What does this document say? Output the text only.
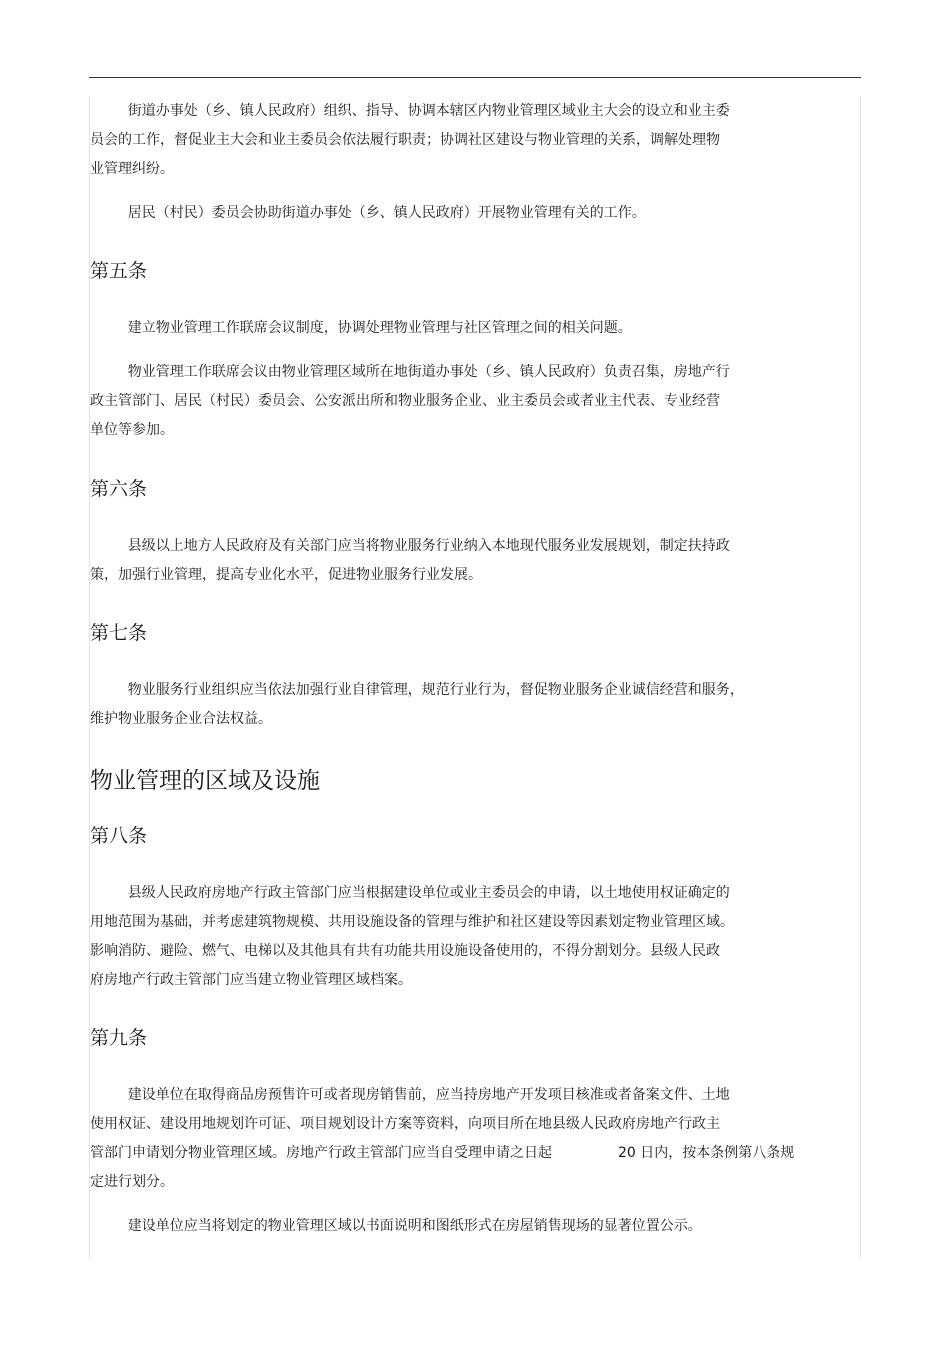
街道办事处（乡、镇人民政府）组织、指导、协调本辖区内物业管理区域业主大会的设立和业主委
员会的工作，督促业主大会和业主委员会依法履行职责；协调社区建设与物业管理的关系，调解处理物
业管理纠纷。

居民（村民）委员会协助街道办事处（乡、镇人民政府）开展物业管理有关的工作。

第五条

建立物业管理工作联席会议制度，协调处理物业管理与社区管理之间的相关问题。

物业管理工作联席会议由物业管理区域所在地街道办事处（乡、镇人民政府）负责召集，房地产行
政主管部门、居民（村民）委员会、公安派出所和物业服务企业、业主委员会或者业主代表、专业经营
单位等参加。

第六条

县级以上地方人民政府及有关部门应当将物业服务行业纳入本地现代服务业发展规划，制定扶持政
策，加强行业管理，提高专业化水平，促进物业服务行业发展。

第七条

物业服务行业组织应当依法加强行业自律管理，规范行业行为，督促物业服务企业诚信经营和服务，
维护物业服务企业合法权益。

物业管理的区域及设施
第八条

县级人民政府房地产行政主管部门应当根据建设单位或业主委员会的申请，以土地使用权证确定的
用地范围为基础，并考虑建筑物规模、共用设施设备的管理与维护和社区建设等因素划定物业管理区域。
影响消防、避险、燃气、电梯以及其他具有共有功能共用设施设备使用的，不得分割划分。县级人民政
府房地产行政主管部门应当建立物业管理区域档案。

第九条

建设单位在取得商品房预售许可或者现房销售前，应当持房地产开发项目核准或者备案文件、土地
使用权证、建设用地规划许可证、项目规划设计方案等资料，向项目所在地县级人民政府房地产行政主
管部门申请划分物业管理区域。房地产行政主管部门应当自受理申请之日起	20 日内，按本条例第八条规
定进行划分。

建设单位应当将划定的物业管理区域以书面说明和图纸形式在房屋销售现场的显著位置公示。
